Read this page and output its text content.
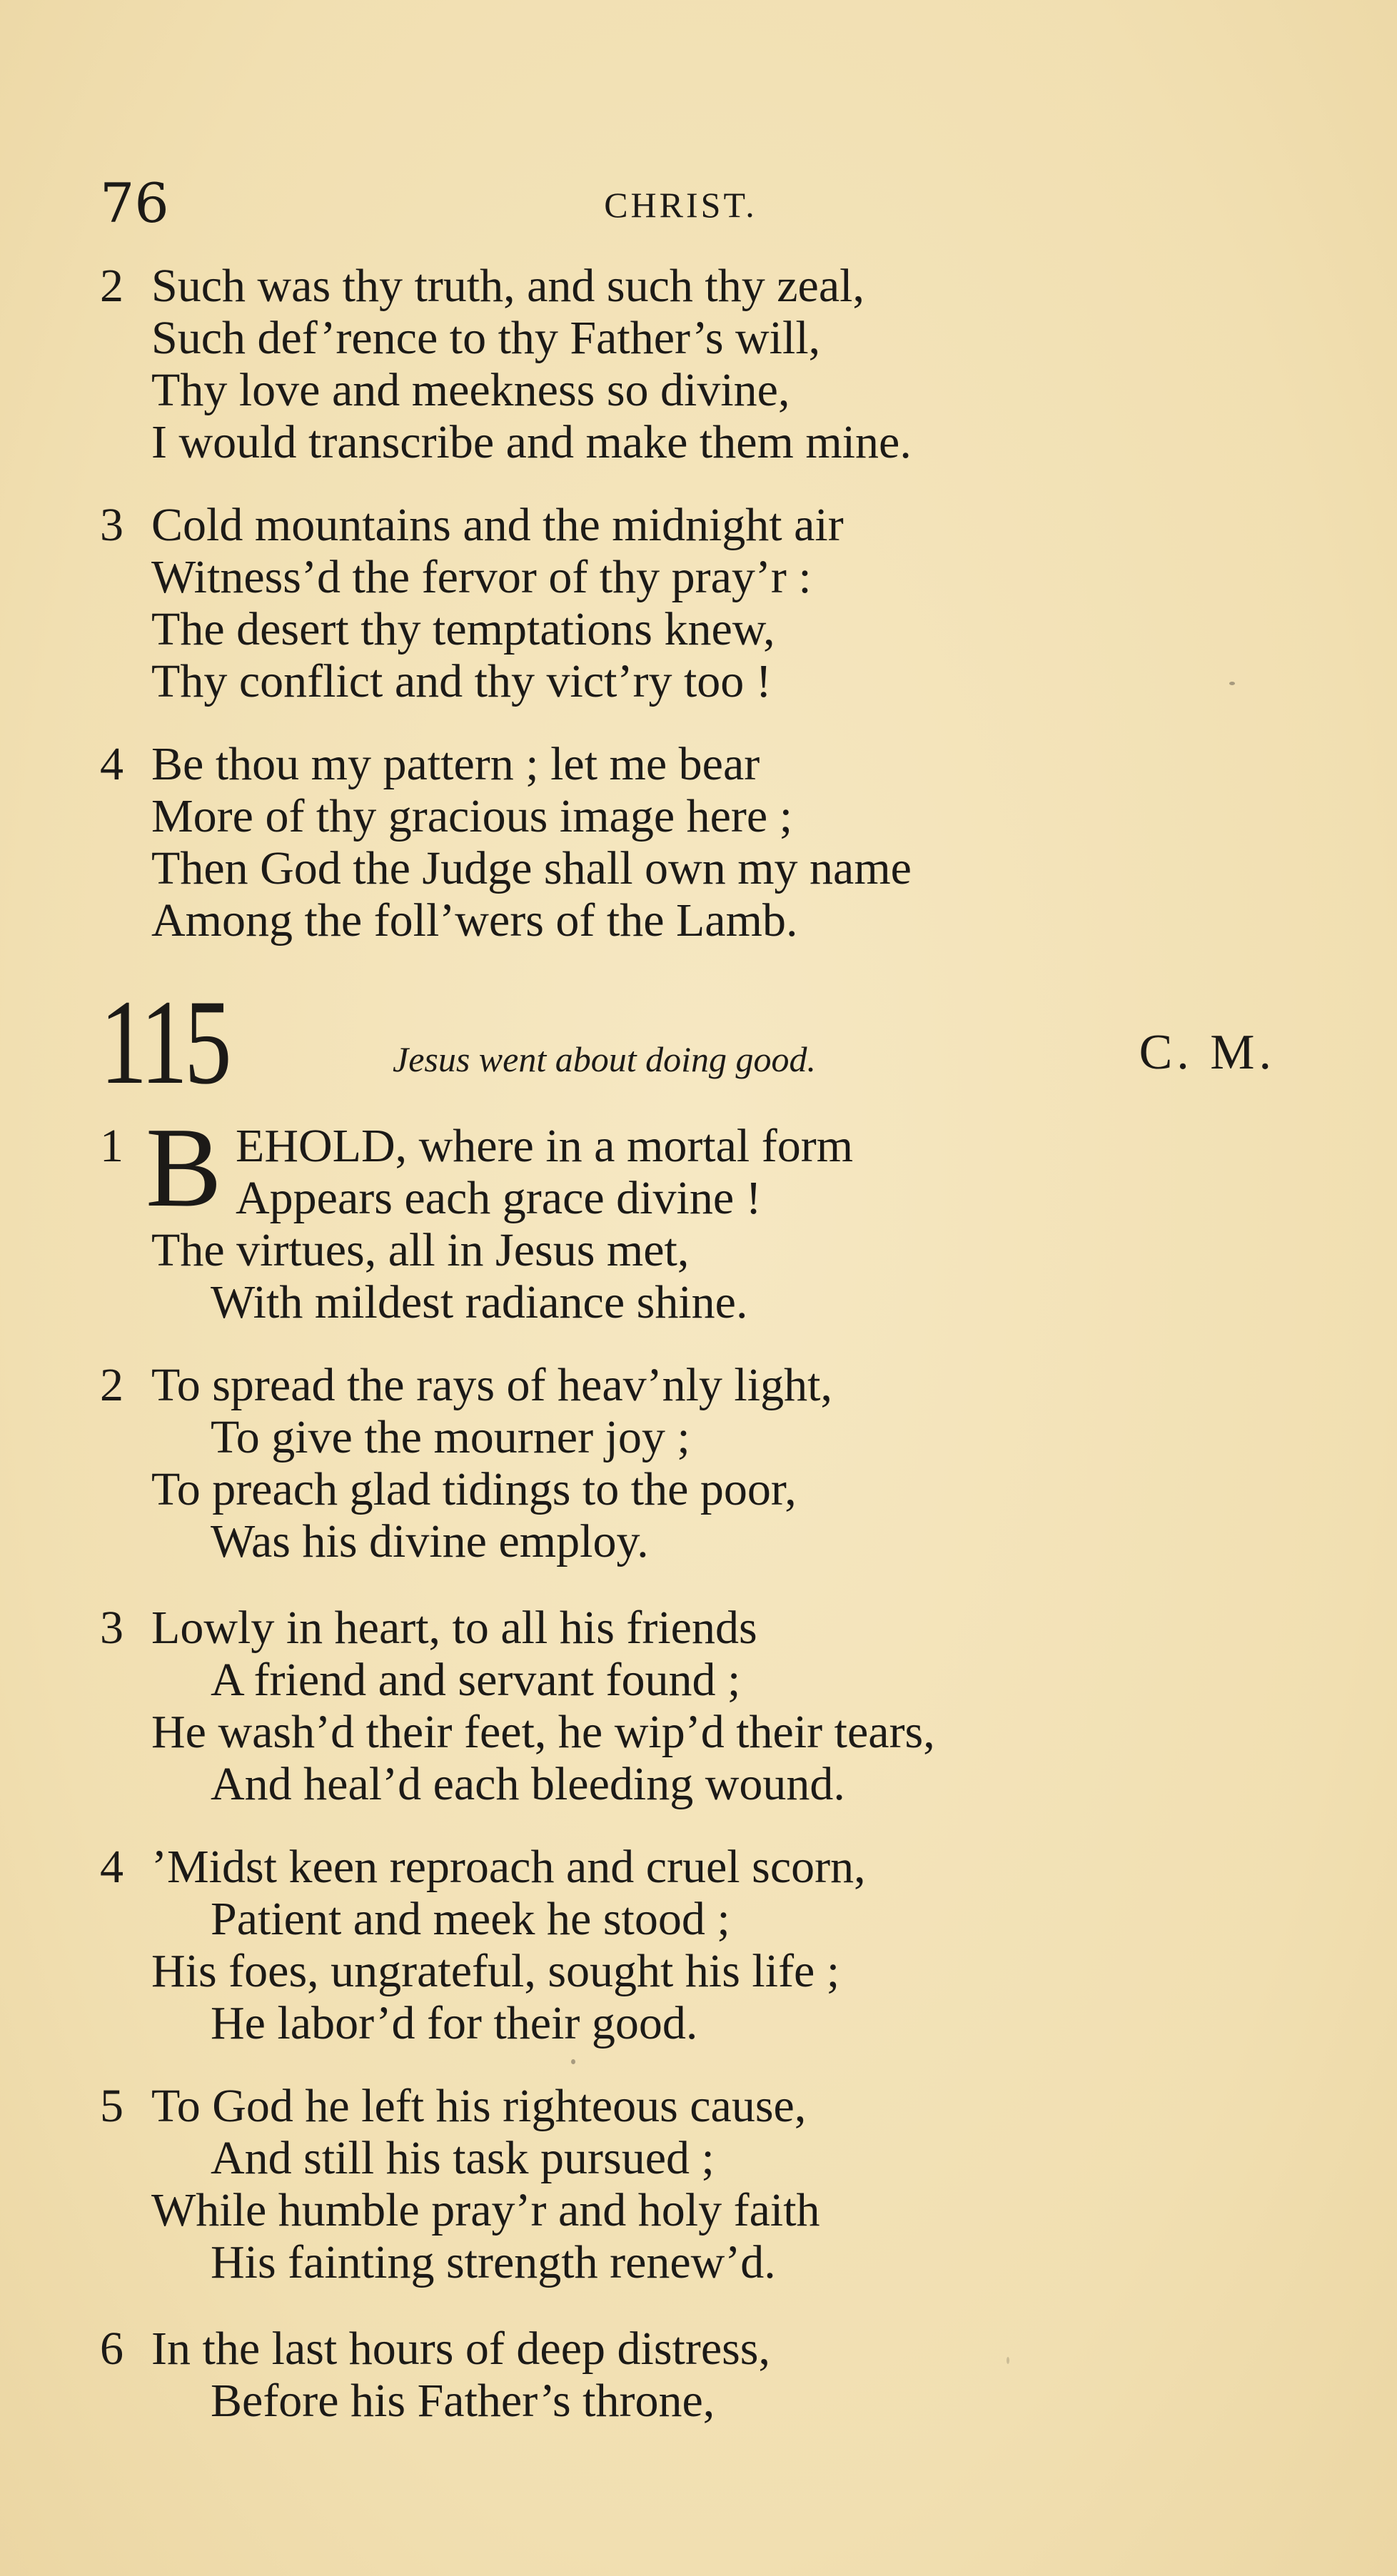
76	CHRIST.
2 Such was thy truth, and such thy zeal,
Such def’rence to thy Father’s will,
Thy love and meekness so divine,
I would transcribe and make them mine.
3 Cold mountains and the midnight air
Witness’d the fervor of thy pray’r :
The desert thy temptations knew,
Thy conflict and thy vict’ry too !
4 Be thou my pattern ; let me bear
More of thy gracious image here ;
Then God the Judge shall own my name
Among the foll’wers of the Lamb.
115	Jesus went about doing good.	C. M.
1 B EHOLD, where in a mortal form
Appears each grace divine !
The virtues, all in Jesus met,
With mildest radiance shine.
2 To spread the rays of heav’nly light,
To give the mourner joy ;
To preach glad tidings to the poor,
Was his divine employ.
3 Lowly in heart, to all his friends
A friend and servant found ;
He wash’d their feet, he wip’d their tears,
And heal’d each bleeding wound.
4 ’Midst keen reproach and cruel scorn,
Patient and meek he stood ;
His foes, ungrateful, sought his life ;
He labor’d for their good.
5 To God he left his righteous cause,
And still his task pursued ;
While humble pray’r and holy faith
His fainting strength renew’d.
6 In the last hours of deep distress,
Before his Father’s throne,
